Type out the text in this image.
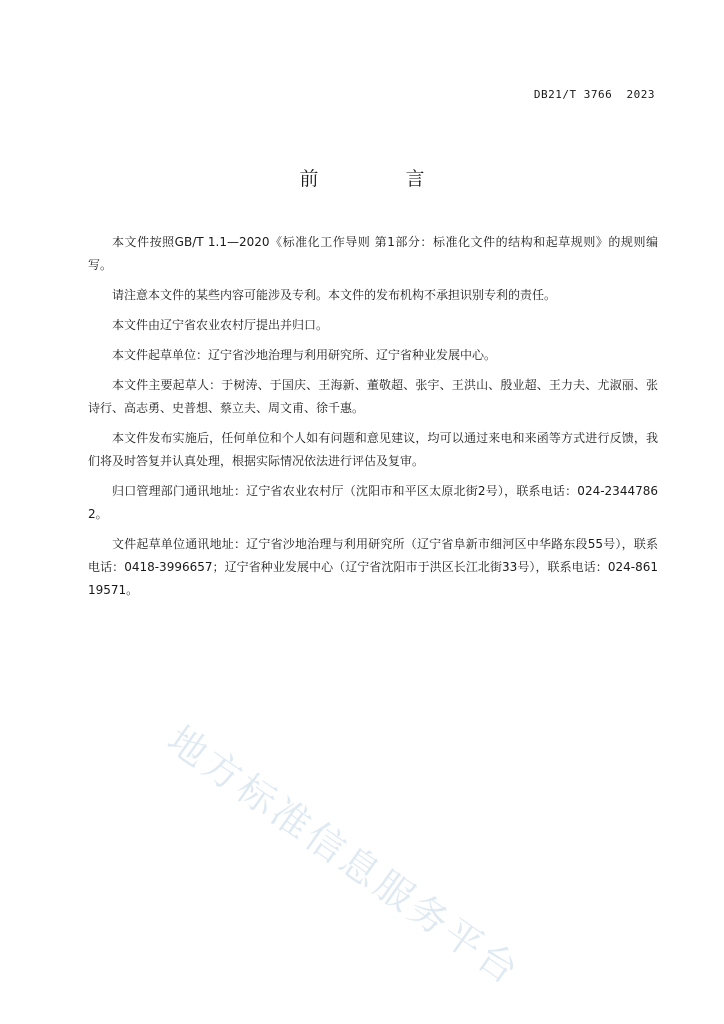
DB21/T 3766  2023
前　言

本文件按照GB/T 1.1—2020《标准化工作导则 第1部分：标准化文件的结构和起草规则》的规则编写。

请注意本文件的某些内容可能涉及专利。本文件的发布机构不承担识别专利的责任。

本文件由辽宁省农业农村厅提出并归口。

本文件起草单位：辽宁省沙地治理与利用研究所、辽宁省种业发展中心。

本文件主要起草人：于树涛、于国庆、王海新、董敬超、张宇、王洪山、殷业超、王力夫、尤淑丽、张诗行、高志勇、史普想、蔡立夫、周文甫、徐千惠。

本文件发布实施后，任何单位和个人如有问题和意见建议，均可以通过来电和来函等方式进行反馈，我们将及时答复并认真处理，根据实际情况依法进行评估及复审。

归口管理部门通讯地址：辽宁省农业农村厅（沈阳市和平区太原北街2号），联系电话：024-23447862。

文件起草单位通讯地址：辽宁省沙地治理与利用研究所（辽宁省阜新市细河区中华路东段55号），联系电话：0418-3996657；辽宁省种业发展中心（辽宁省沈阳市于洪区长江北街33号），联系电话：024-86119571。

地方标准信息服务平台
